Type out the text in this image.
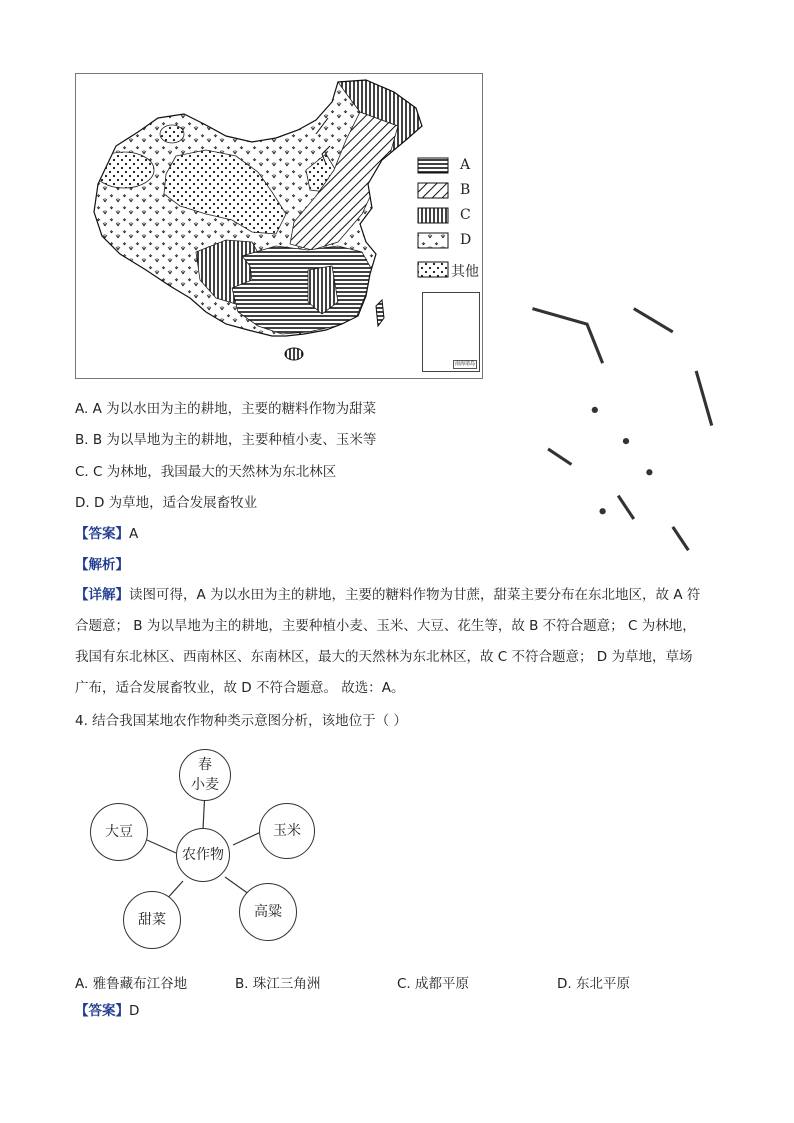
A
B
C
D
其他
南海诸岛
A. A 为以水田为主的耕地，主要的糖料作物为甜菜
B. B 为以旱地为主的耕地，主要种植小麦、玉米等
C. C 为林地，我国最大的天然林为东北林区
D. D 为草地，适合发展畜牧业
【答案】A
【解析】
【详解】读图可得，A 为以水田为主的耕地，主要的糖料作物为甘蔗，甜菜主要分布在东北地区，故 A 符
合题意； B 为以旱地为主的耕地，主要种植小麦、玉米、大豆、花生等，故 B 不符合题意； C 为林地，
我国有东北林区、西南林区、东南林区，最大的天然林为东北林区，故 C 不符合题意； D 为草地，草场
广布，适合发展畜牧业，故 D 不符合题意。 故选：A。
4. 结合我国某地农作物种类示意图分析，该地位于（ ）
农作物
春
小麦
玉米
高粱
甜菜
大豆
A. 雅鲁藏布江谷地	B. 珠江三角洲	C. 成都平原	D. 东北平原
【答案】D
